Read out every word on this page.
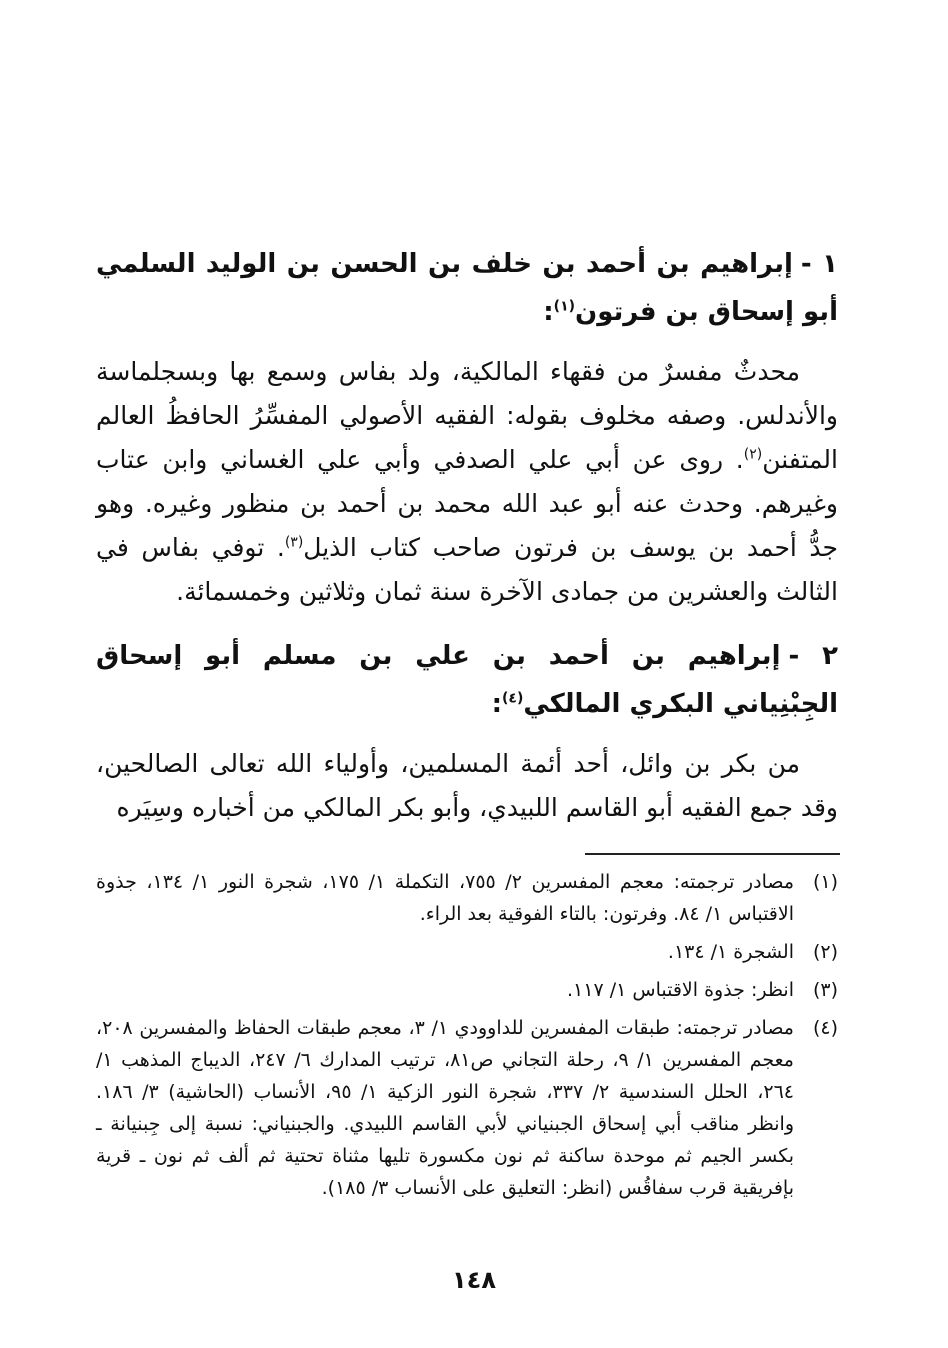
١ -إبراهيم بن أحمد بن خلف بن الحسن بن الوليد السلمي أبو إسحاق بن فرتون$^{(١)}$:

محدثٌ مفسرٌ من فقهاء المالكية، ولد بفاس وسمع بها وبسجلماسة والأندلس. وصفه مخلوف بقوله: الفقيه الأصولي المفسِّرُ الحافظُ العالم المتفنن$^{(٢)}$. روى عن أبي علي الصدفي وأبي علي الغساني وابن عتاب وغيرهم. وحدث عنه أبو عبد الله محمد بن أحمد بن منظور وغيره. وهو جدُّ أحمد بن يوسف بن فرتون صاحب كتاب الذيل$^{(٣)}$. توفي بفاس في الثالث والعشرين من جمادى الآخرة سنة ثمان وثلاثين وخمسمائة.

٢ -إبراهيم بن أحمد بن علي بن مسلم أبو إسحاق الجِبْنِياني البكري المالكي$^{(٤)}$:

من بكر بن وائل، أحد أئمة المسلمين، وأولياء الله تعالى الصالحين، وقد جمع الفقيه أبو القاسم اللبيدي، وأبو بكر المالكي من أخباره وسِيَره

(١)
مصادر ترجمته: معجم المفسرين ٢/ ٧٥٥، التكملة ١/ ١٧٥، شجرة النور ١/ ١٣٤، جذوة الاقتباس ١/ ٨٤. وفرتون: بالتاء الفوقية بعد الراء.
(٢)
الشجرة ١/ ١٣٤.
(٣)
انظر: جذوة الاقتباس ١/ ١١٧.
(٤)
مصادر ترجمته: طبقات المفسرين للداوودي ١/ ٣، معجم طبقات الحفاظ والمفسرين ٢٠٨، معجم المفسرين ١/ ٩، رحلة التجاني ص٨١، ترتيب المدارك ٦/ ٢٤٧، الديباج المذهب ١/ ٢٦٤، الحلل السندسية ٢/ ٣٣٧، شجرة النور الزكية ١/ ٩٥، الأنساب (الحاشية) ٣/ ١٨٦. وانظر مناقب أبي إسحاق الجبنياني لأبي القاسم اللبيدي. والجبنياني: نسبة إلى جِبنيانة ـ بكسر الجيم ثم موحدة ساكنة ثم نون مكسورة تليها مثناة تحتية ثم ألف ثم نون ـ قرية بإفريقية قرب سفاقُس (انظر: التعليق على الأنساب ٣/ ١٨٥).
١٤٨
